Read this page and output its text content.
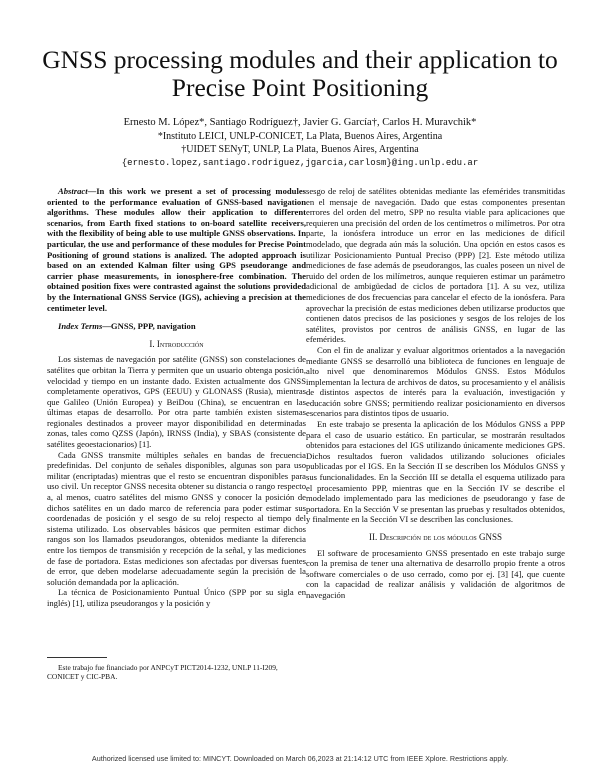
GNSS processing modules and their application to
Precise Point Positioning
Ernesto M. López*, Santiago Rodríguez†, Javier G. García†, Carlos H. Muravchik*
*Instituto LEICI, UNLP-CONICET, La Plata, Buenos Aires, Argentina
†UIDET SENyT, UNLP, La Plata, Buenos Aires, Argentina
{ernesto.lopez,santiago.rodriguez,jgarcia,carlosm}@ing.unlp.edu.ar

Abstract—In this work we present a set of processing modules oriented to the performance evaluation of GNSS-based navigation algorithms. These modules allow their application to different scenarios, from Earth fixed stations to on-board satellite receivers, with the flexibility of being able to use multiple GNSS observations. In particular, the use and performance of these modules for Precise Point Positioning of ground stations is analized. The adopted approach is based on an extended Kalman filter using GPS pseudorange and carrier phase measurements, in ionosphere-free combination. The obtained position fixes were contrasted against the solutions provided by the International GNSS Service (IGS), achieving a precision at the centimeter level.

Index Terms—GNSS, PPP, navigation

I. Introducción

Los sistemas de navegación por satélite (GNSS) son constelaciones de satélites que orbitan la Tierra y permiten que un usuario obtenga posición, velocidad y tiempo en un instante dado. Existen actualmente dos GNSS completamente operativos, GPS (EEUU) y GLONASS (Rusia), mientras que Galileo (Unión Europea) y BeiDou (China), se encuentran en las últimas etapas de desarrollo. Por otra parte también existen sistemas regionales destinados a proveer mayor disponibilidad en determinadas zonas, tales como QZSS (Japón), IRNSS (India), y SBAS (consistente de satélites geoestacionarios) [1].

Cada GNSS transmite múltiples señales en bandas de frecuencia predefinidas. Del conjunto de señales disponibles, algunas son para uso militar (encriptadas) mientras que el resto se encuentran disponibles para uso civil. Un receptor GNSS necesita obtener su distancia o rango respecto a, al menos, cuatro satélites del mismo GNSS y conocer la posición de dichos satélites en un dado marco de referencia para poder estimar sus coordenadas de posición y el sesgo de su reloj respecto al tiempo del sistema utilizado. Los observables básicos que permiten estimar dichos rangos son los llamados pseudorangos, obtenidos mediante la diferencia entre los tiempos de transmisión y recepción de la señal, y las mediciones de fase de portadora. Estas mediciones son afectadas por diversas fuentes de error, que deben modelarse adecuadamente según la precisión de la solución demandada por la aplicación.

La técnica de Posicionamiento Puntual Único (SPP por su sigla en inglés) [1], utiliza pseudorangos y la posición y

Este trabajo fue financiado por ANPCyT PICT2014-1232, UNLP 11-I209, CONICET y CIC-PBA.

sesgo de reloj de satélites obtenidas mediante las efemérides transmitidas en el mensaje de navegación. Dado que estas componentes presentan errores del orden del metro, SPP no resulta viable para aplicaciones que requieren una precisión del orden de los centímetros o milímetros. Por otra parte, la ionósfera introduce un error en las mediciones de difícil modelado, que degrada aún más la solución. Una opción en estos casos es utilizar Posicionamiento Puntual Preciso (PPP) [2]. Este método utiliza mediciones de fase además de pseudorangos, las cuales poseen un nivel de ruido del orden de los milímetros, aunque requieren estimar un parámetro adicional de ambigüedad de ciclos de portadora [1]. A su vez, utiliza mediciones de dos frecuencias para cancelar el efecto de la ionósfera. Para aprovechar la precisión de estas mediciones deben utilizarse productos que contienen datos precisos de las posiciones y sesgos de los relojes de los satélites, provistos por centros de análisis GNSS, en lugar de las efemérides.

Con el fin de analizar y evaluar algoritmos orientados a la navegación mediante GNSS se desarrolló una biblioteca de funciones en lenguaje de alto nivel que denominaremos Módulos GNSS. Estos Módulos implementan la lectura de archivos de datos, su procesamiento y el análisis de distintos aspectos de interés para la evaluación, investigación y educación sobre GNSS; permitiendo realizar posicionamiento en diversos escenarios para distintos tipos de usuario.

En este trabajo se presenta la aplicación de los Módulos GNSS a PPP para el caso de usuario estático. En particular, se mostrarán resultados obtenidos para estaciones del IGS utilizando únicamente mediciones GPS. Dichos resultados fueron validados utilizando soluciones oficiales publicadas por el IGS. En la Sección II se describen los Módulos GNSS y sus funcionalidades. En la Sección III se detalla el esquema utilizado para el procesamiento PPP, mientras que en la Sección IV se describe el modelado implementado para las mediciones de pseudorango y fase de portadora. En la Sección V se presentan las pruebas y resultados obtenidos, y finalmente en la Sección VI se describen las conclusiones.

II. Descripción de los módulos GNSS

El software de procesamiento GNSS presentado en este trabajo surge con la premisa de tener una alternativa de desarrollo propio frente a otros software comerciales o de uso cerrado, como por ej. [3] [4], que cuente con la capacidad de realizar análisis y validación de algoritmos de navegación

Authorized licensed use limited to: MINCYT. Downloaded on March 06,2023 at 21:14:12 UTC from IEEE Xplore. Restrictions apply.
